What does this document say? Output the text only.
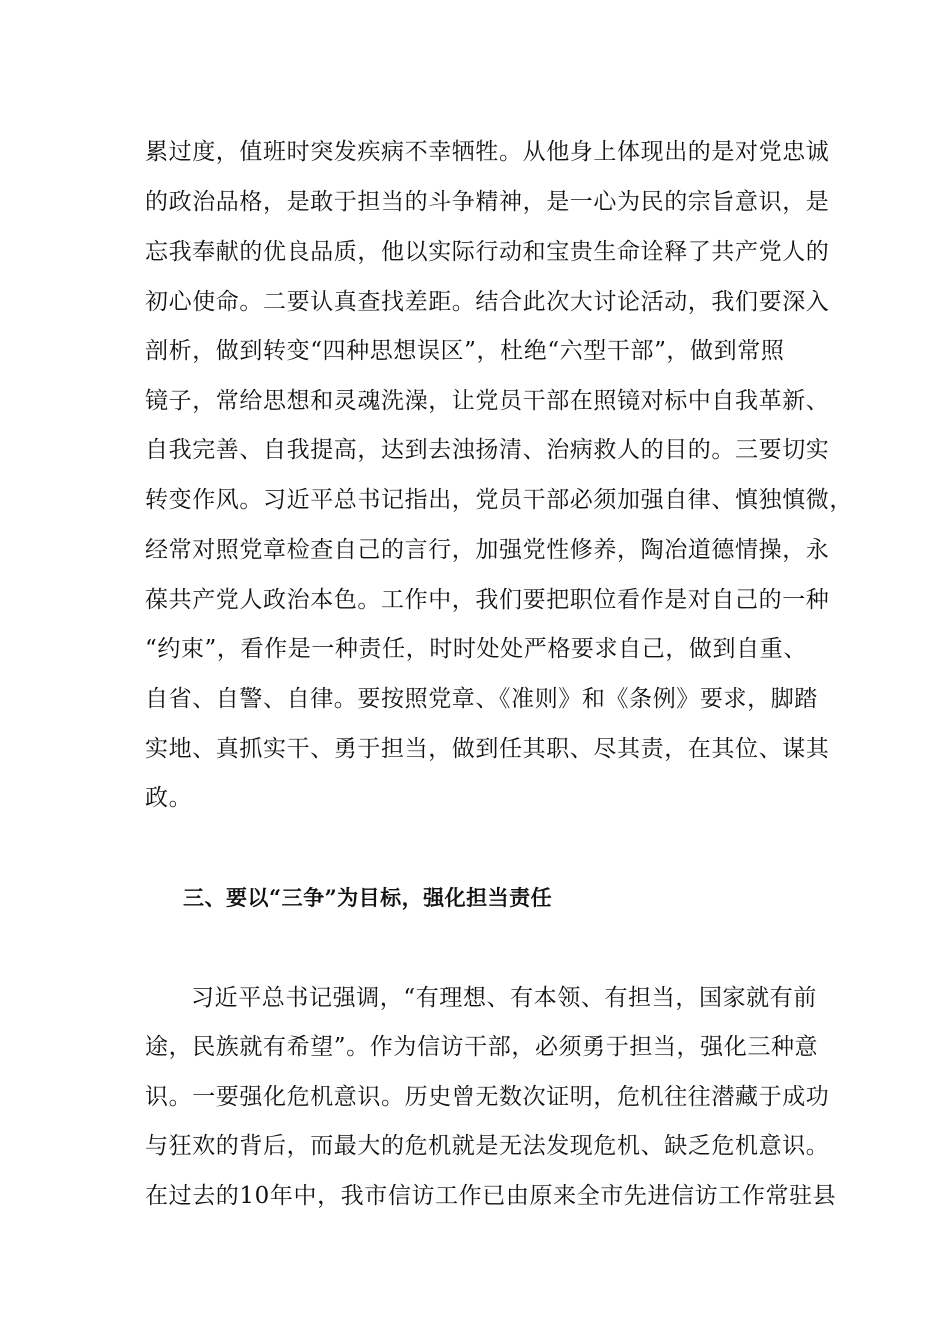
累过度，值班时突发疾病不幸牺牲。从他身上体现出的是对党忠诚
的政治品格，是敢于担当的斗争精神，是一心为民的宗旨意识，是
忘我奉献的优良品质，他以实际行动和宝贵生命诠释了共产党人的
初心使命。二要认真查找差距。结合此次大讨论活动，我们要深入
剖析，做到转变“四种思想误区”，杜绝“六型干部”，做到常照
镜子，常给思想和灵魂洗澡，让党员干部在照镜对标中自我革新、
自我完善、自我提高，达到去浊扬清、治病救人的目的。三要切实
转变作风。习近平总书记指出，党员干部必须加强自律、慎独慎微，
经常对照党章检查自己的言行，加强党性修养，陶冶道德情操，永
葆共产党人政治本色。工作中，我们要把职位看作是对自己的一种
“约束”，看作是一种责任，时时处处严格要求自己，做到自重、
自省、自警、自律。要按照党章、《准则》和《条例》要求，脚踏
实地、真抓实干、勇于担当，做到任其职、尽其责，在其位、谋其
政。
三、要以“三争”为目标，强化担当责任
习近平总书记强调，“有理想、有本领、有担当，国家就有前
途，民族就有希望”。作为信访干部，必须勇于担当，强化三种意
识。一要强化危机意识。历史曾无数次证明，危机往往潜藏于成功
与狂欢的背后，而最大的危机就是无法发现危机、缺乏危机意识。
在过去的10年中，我市信访工作已由原来全市先进信访工作常驻县
